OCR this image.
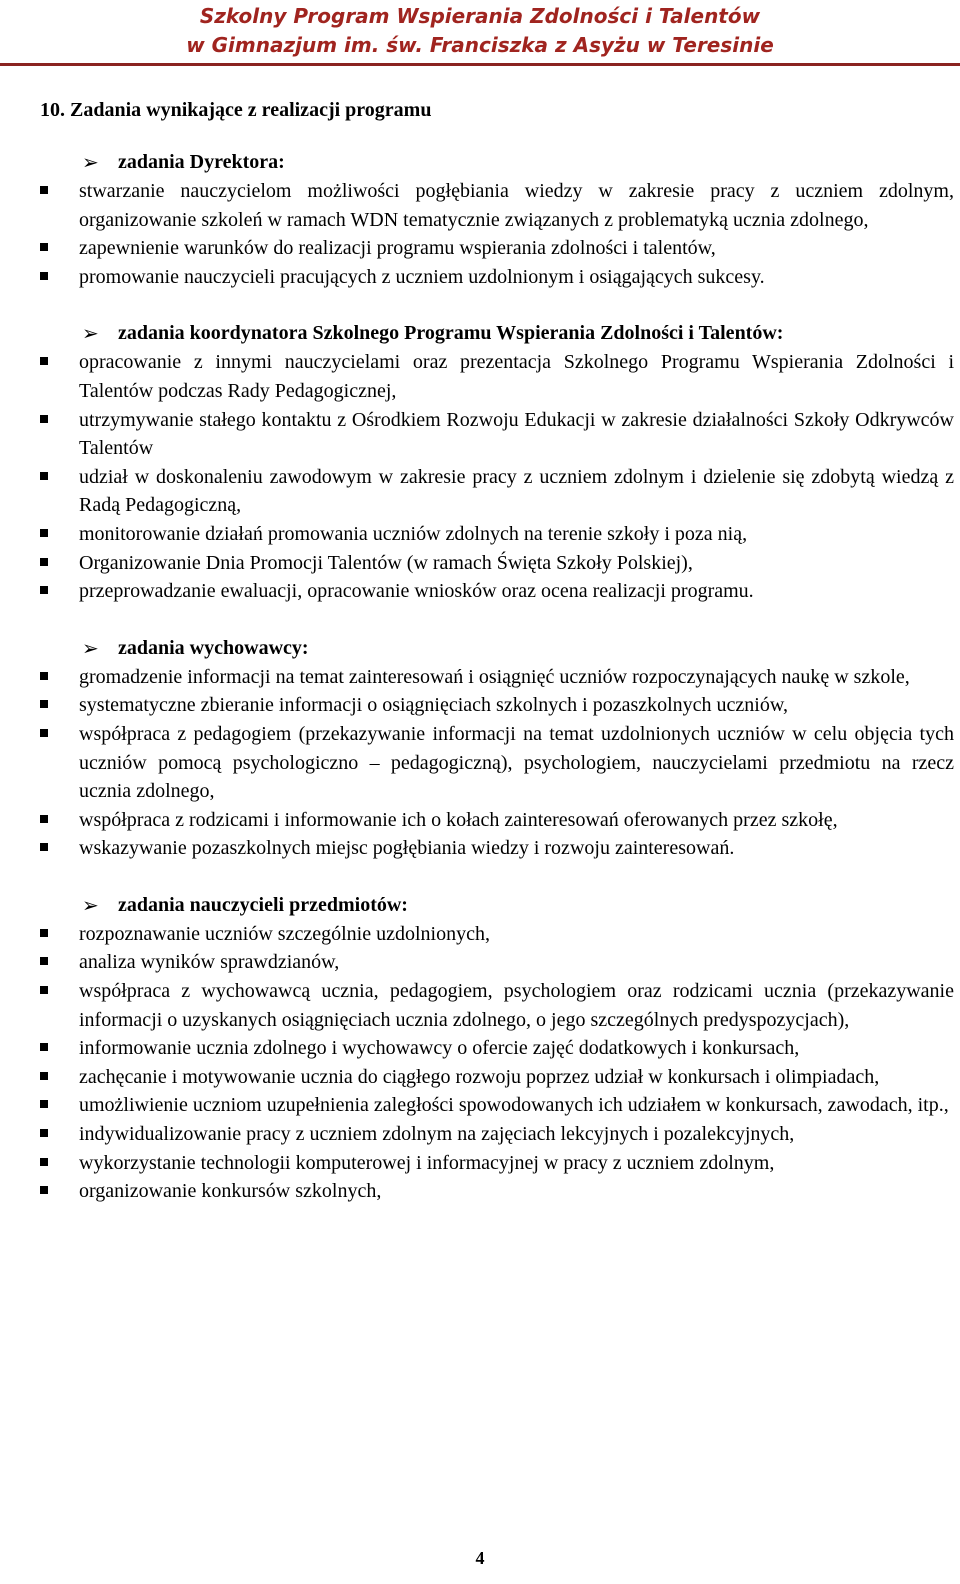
Szkolny Program Wspierania Zdolności i Talentów
w Gimnazjum im. św. Franciszka z Asyżu w Teresinie
10. Zadania wynikające z realizacji programu
➢ zadania Dyrektora:
stwarzanie nauczycielom możliwości pogłębiania wiedzy w zakresie pracy z uczniem zdolnym, organizowanie szkoleń w ramach WDN tematycznie związanych z problematyką ucznia zdolnego,
zapewnienie warunków do realizacji programu wspierania zdolności i talentów,
promowanie nauczycieli pracujących z uczniem uzdolnionym i osiągających sukcesy.
➢ zadania koordynatora Szkolnego Programu Wspierania Zdolności i Talentów:
opracowanie z innymi nauczycielami oraz prezentacja Szkolnego Programu Wspierania Zdolności i Talentów podczas Rady Pedagogicznej,
utrzymywanie stałego kontaktu z Ośrodkiem Rozwoju Edukacji w zakresie działalności Szkoły Odkrywców Talentów
udział w doskonaleniu zawodowym w zakresie pracy z uczniem zdolnym i dzielenie się zdobytą wiedzą z Radą Pedagogiczną,
monitorowanie działań promowania uczniów zdolnych na terenie szkoły i poza nią,
Organizowanie Dnia Promocji Talentów (w ramach Święta Szkoły Polskiej),
przeprowadzanie ewaluacji, opracowanie wniosków oraz ocena realizacji programu.
➢ zadania wychowawcy:
gromadzenie informacji na temat zainteresowań i osiągnięć uczniów rozpoczynających naukę w szkole,
systematyczne zbieranie informacji o osiągnięciach szkolnych i pozaszkolnych uczniów,
współpraca z pedagogiem (przekazywanie informacji na temat uzdolnionych uczniów w celu objęcia tych uczniów pomocą psychologiczno – pedagogiczną), psychologiem, nauczycielami przedmiotu na rzecz ucznia zdolnego,
współpraca z rodzicami i informowanie ich o kołach zainteresowań oferowanych przez szkołę,
wskazywanie pozaszkolnych miejsc pogłębiania wiedzy i rozwoju zainteresowań.
➢ zadania nauczycieli przedmiotów:
rozpoznawanie uczniów szczególnie uzdolnionych,
analiza wyników sprawdzianów,
współpraca z wychowawcą ucznia, pedagogiem, psychologiem oraz rodzicami ucznia (przekazywanie informacji o uzyskanych osiągnięciach ucznia zdolnego, o jego szczególnych predyspozycjach),
informowanie ucznia zdolnego i wychowawcy o ofercie zajęć dodatkowych i konkursach,
zachęcanie i motywowanie ucznia do ciągłego rozwoju poprzez udział w konkursach i olimpiadach,
umożliwienie uczniom uzupełnienia zaległości spowodowanych ich udziałem w konkursach, zawodach, itp.,
indywidualizowanie pracy z uczniem zdolnym na zajęciach lekcyjnych i pozalekcyjnych,
wykorzystanie technologii komputerowej i informacyjnej w pracy z uczniem zdolnym,
organizowanie konkursów szkolnych,
4
